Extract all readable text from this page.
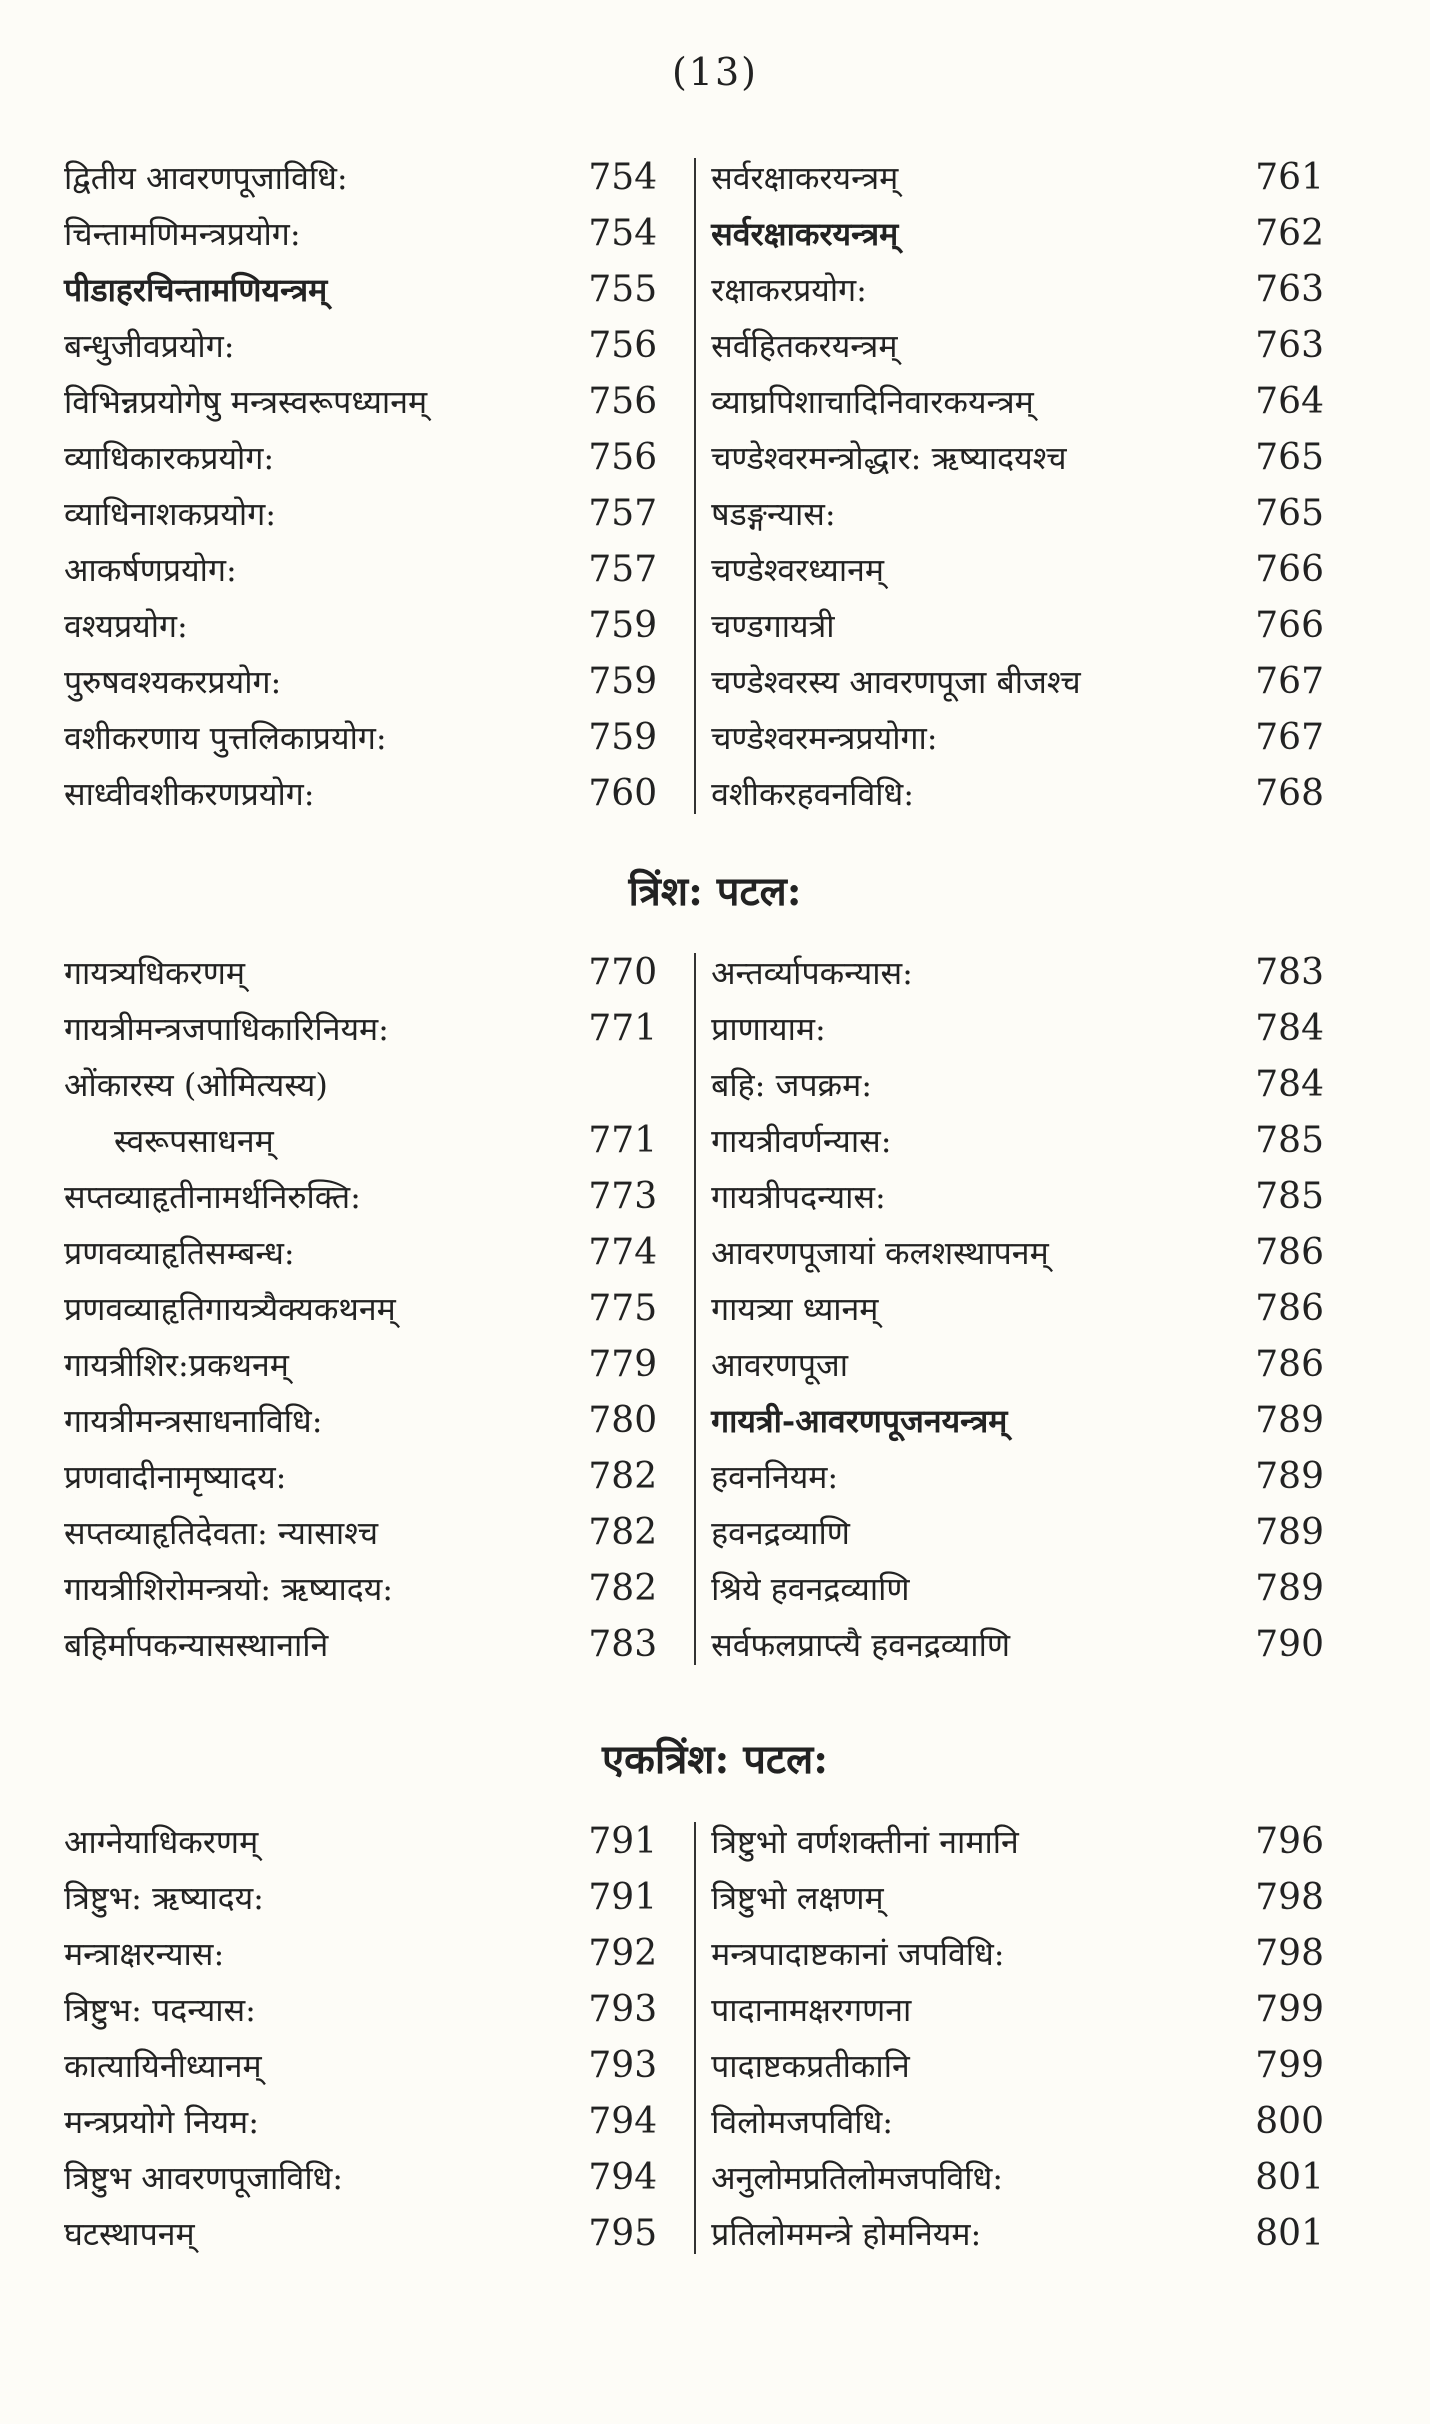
(13)
द्वितीय आवरणपूजाविधि:	754
चिन्तामणिमन्त्रप्रयोग:	754
पीडाहरचिन्तामणियन्त्रम्	755
बन्धुजीवप्रयोग:	756
विभिन्नप्रयोगेषु मन्त्रस्वरूपध्यानम्	756
व्याधिकारकप्रयोग:	756
व्याधिनाशकप्रयोग:	757
आकर्षणप्रयोग:	757
वश्यप्रयोग:	759
पुरुषवश्यकरप्रयोग:	759
वशीकरणाय पुत्तलिकाप्रयोग:	759
साध्वीवशीकरणप्रयोग:	760
सर्वरक्षाकरयन्त्रम्	761
सर्वरक्षाकरयन्त्रम्	762
रक्षाकरप्रयोग:	763
सर्वहितकरयन्त्रम्	763
व्याघ्रपिशाचादिनिवारकयन्त्रम्	764
चण्डेश्वरमन्त्रोद्धार: ऋष्यादयश्च	765
षडङ्गन्यास:	765
चण्डेश्वरध्यानम्	766
चण्डगायत्री	766
चण्डेश्वरस्य आवरणपूजा बीजश्च	767
चण्डेश्वरमन्त्रप्रयोगा:	767
वशीकरहवनविधि:	768
त्रिंश: पटल:
गायत्र्यधिकरणम्	770
गायत्रीमन्त्रजपाधिकारिनियम:	771
ओंकारस्य (ओमित्यस्य)
स्वरूपसाधनम्	771
सप्तव्याहृतीनामर्थनिरुक्ति:	773
प्रणवव्याहृतिसम्बन्ध:	774
प्रणवव्याहृतिगायत्र्यैक्यकथनम्	775
गायत्रीशिर:प्रकथनम्	779
गायत्रीमन्त्रसाधनाविधि:	780
प्रणवादीनामृष्यादय:	782
सप्तव्याहृतिदेवता: न्यासाश्च	782
गायत्रीशिरोमन्त्रयो: ऋष्यादय:	782
बहिर्मापकन्यासस्थानानि	783
अन्तर्व्यापकन्यास:	783
प्राणायाम:	784
बहि: जपक्रम:	784
गायत्रीवर्णन्यास:	785
गायत्रीपदन्यास:	785
आवरणपूजायां कलशस्थापनम्	786
गायत्र्या ध्यानम्	786
आवरणपूजा	786
गायत्री-आवरणपूजनयन्त्रम्	789
हवननियम:	789
हवनद्रव्याणि	789
श्रिये हवनद्रव्याणि	789
सर्वफलप्राप्त्यै हवनद्रव्याणि	790
एकत्रिंश: पटल:
आग्नेयाधिकरणम्	791
त्रिष्टुभ: ऋष्यादय:	791
मन्त्राक्षरन्यास:	792
त्रिष्टुभ: पदन्यास:	793
कात्यायिनीध्यानम्	793
मन्त्रप्रयोगे नियम:	794
त्रिष्टुभ आवरणपूजाविधि:	794
घटस्थापनम्	795
त्रिष्टुभो वर्णशक्तीनां नामानि	796
त्रिष्टुभो लक्षणम्	798
मन्त्रपादाष्टकानां जपविधि:	798
पादानामक्षरगणना	799
पादाष्टकप्रतीकानि	799
विलोमजपविधि:	800
अनुलोमप्रतिलोमजपविधि:	801
प्रतिलोममन्त्रे होमनियम:	801
